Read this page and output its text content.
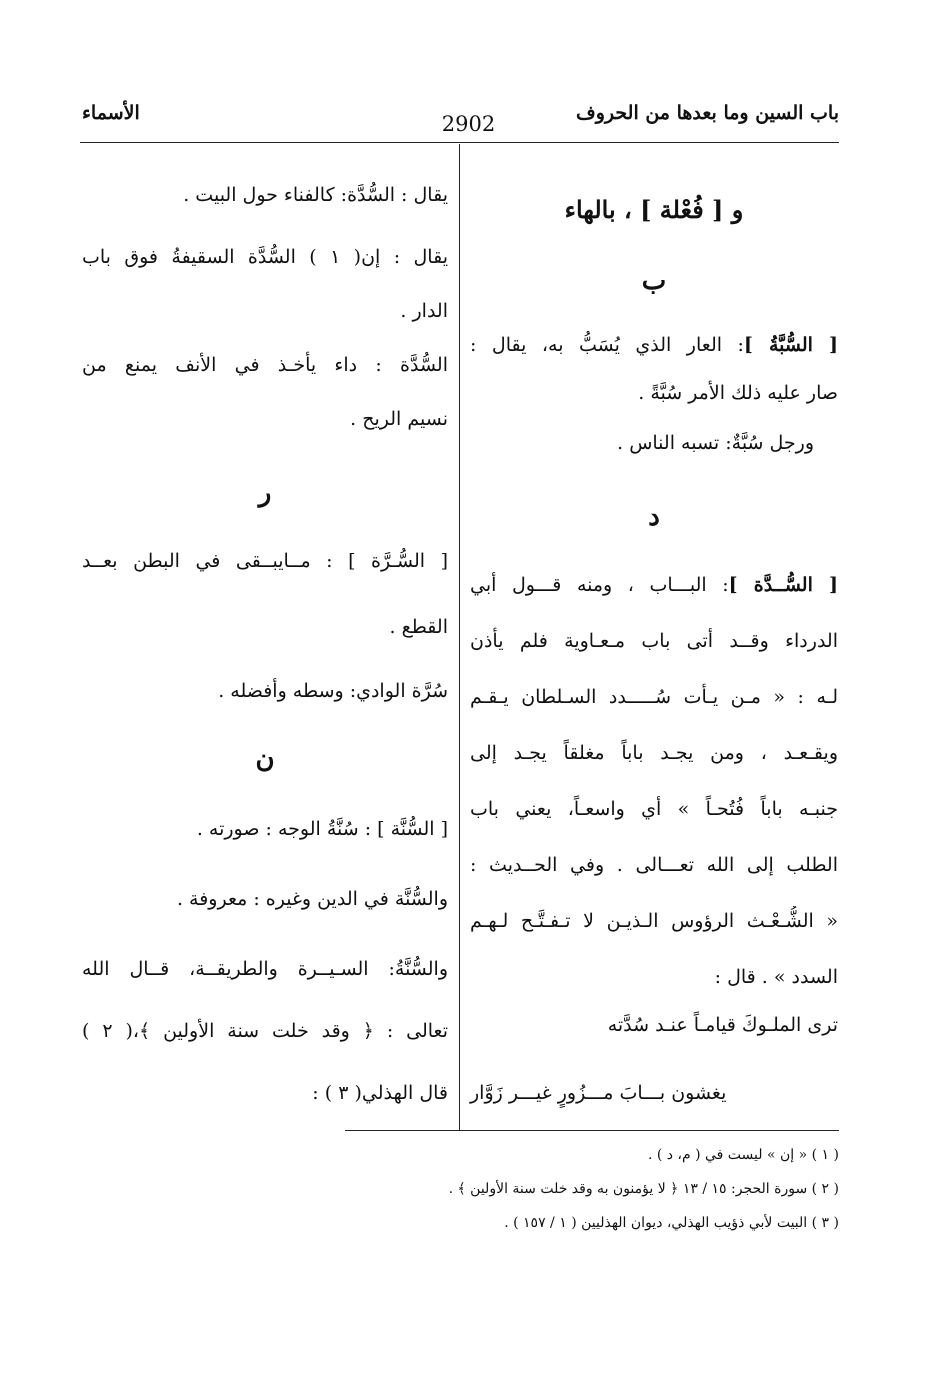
باب السين وما بعدها من الحروف
2902
الأسماء
و [ فُعْلة ] ، بالهاء
ب
[ السُّبَّةُ ]: العار الذي يُسَبُّ به، يقال :
صار عليه ذلك الأمر سُبَّةً .
ورجل سُبَّةٌ: تسبه الناس .
د
[ السُّــدَّة ]: البـــاب ، ومنه قـــول أبي
الدرداء وقــد أتى باب مـعـاوية فلم يأذن
لـه : « مـن يـأت سُـــــدد السـلطان يـقـم
ويقـعـد ، ومن يجـد باباً مغلقاً يجـد إلى
جنبـه باباً فُتُحـاً » أي واسعـاً، يعني باب
الطلب إلى الله تعـــالى . وفي الحــديث :
« الشُّـعْـث الرؤوس الـذيـن لا تـفـتَّـح لـهـم
السدد » . قال :
ترى الملـوكَ قيامـاً عنـد سُدَّته
يغشون بـــابَ مـــزُورٍ غيـــر زَوَّار
يقال : السُّدَّة: كالفناء حول البيت .
يقال : إن( ١ ) السُّدَّة السقيفةُ فوق باب
الدار .
السُّدَّة : داء يأخـذ في الأنف يمنع من
نسيم الريح .
ر
[ السُّـرَّة ] : مــايبــقى في البطن بعــد
القطع .
سُرَّة الوادي: وسطه وأفضله .
ن
[ السُّنَّة ] : سُنَّةُ الوجه : صورته .
والسُّنَّة في الدين وغيره : معروفة .
والسُّنَّةُ: السـيــرة والطريقــة، قــال الله
تعالى : ﴿ وقد خلت سنة الأولين ﴾،( ٢ )
قال الهذلي( ٣ ) :
( ١ ) « إن » ليست في ( م، د ) .
( ٢ ) سورة الحجر: ١٥ / ١٣ ﴿ لا يؤمنون به وقد خلت سنة الأولين ﴾ .
( ٣ ) البيت لأبي ذؤيب الهذلي، ديوان الهذليين ( ١ / ١٥٧ ) .
